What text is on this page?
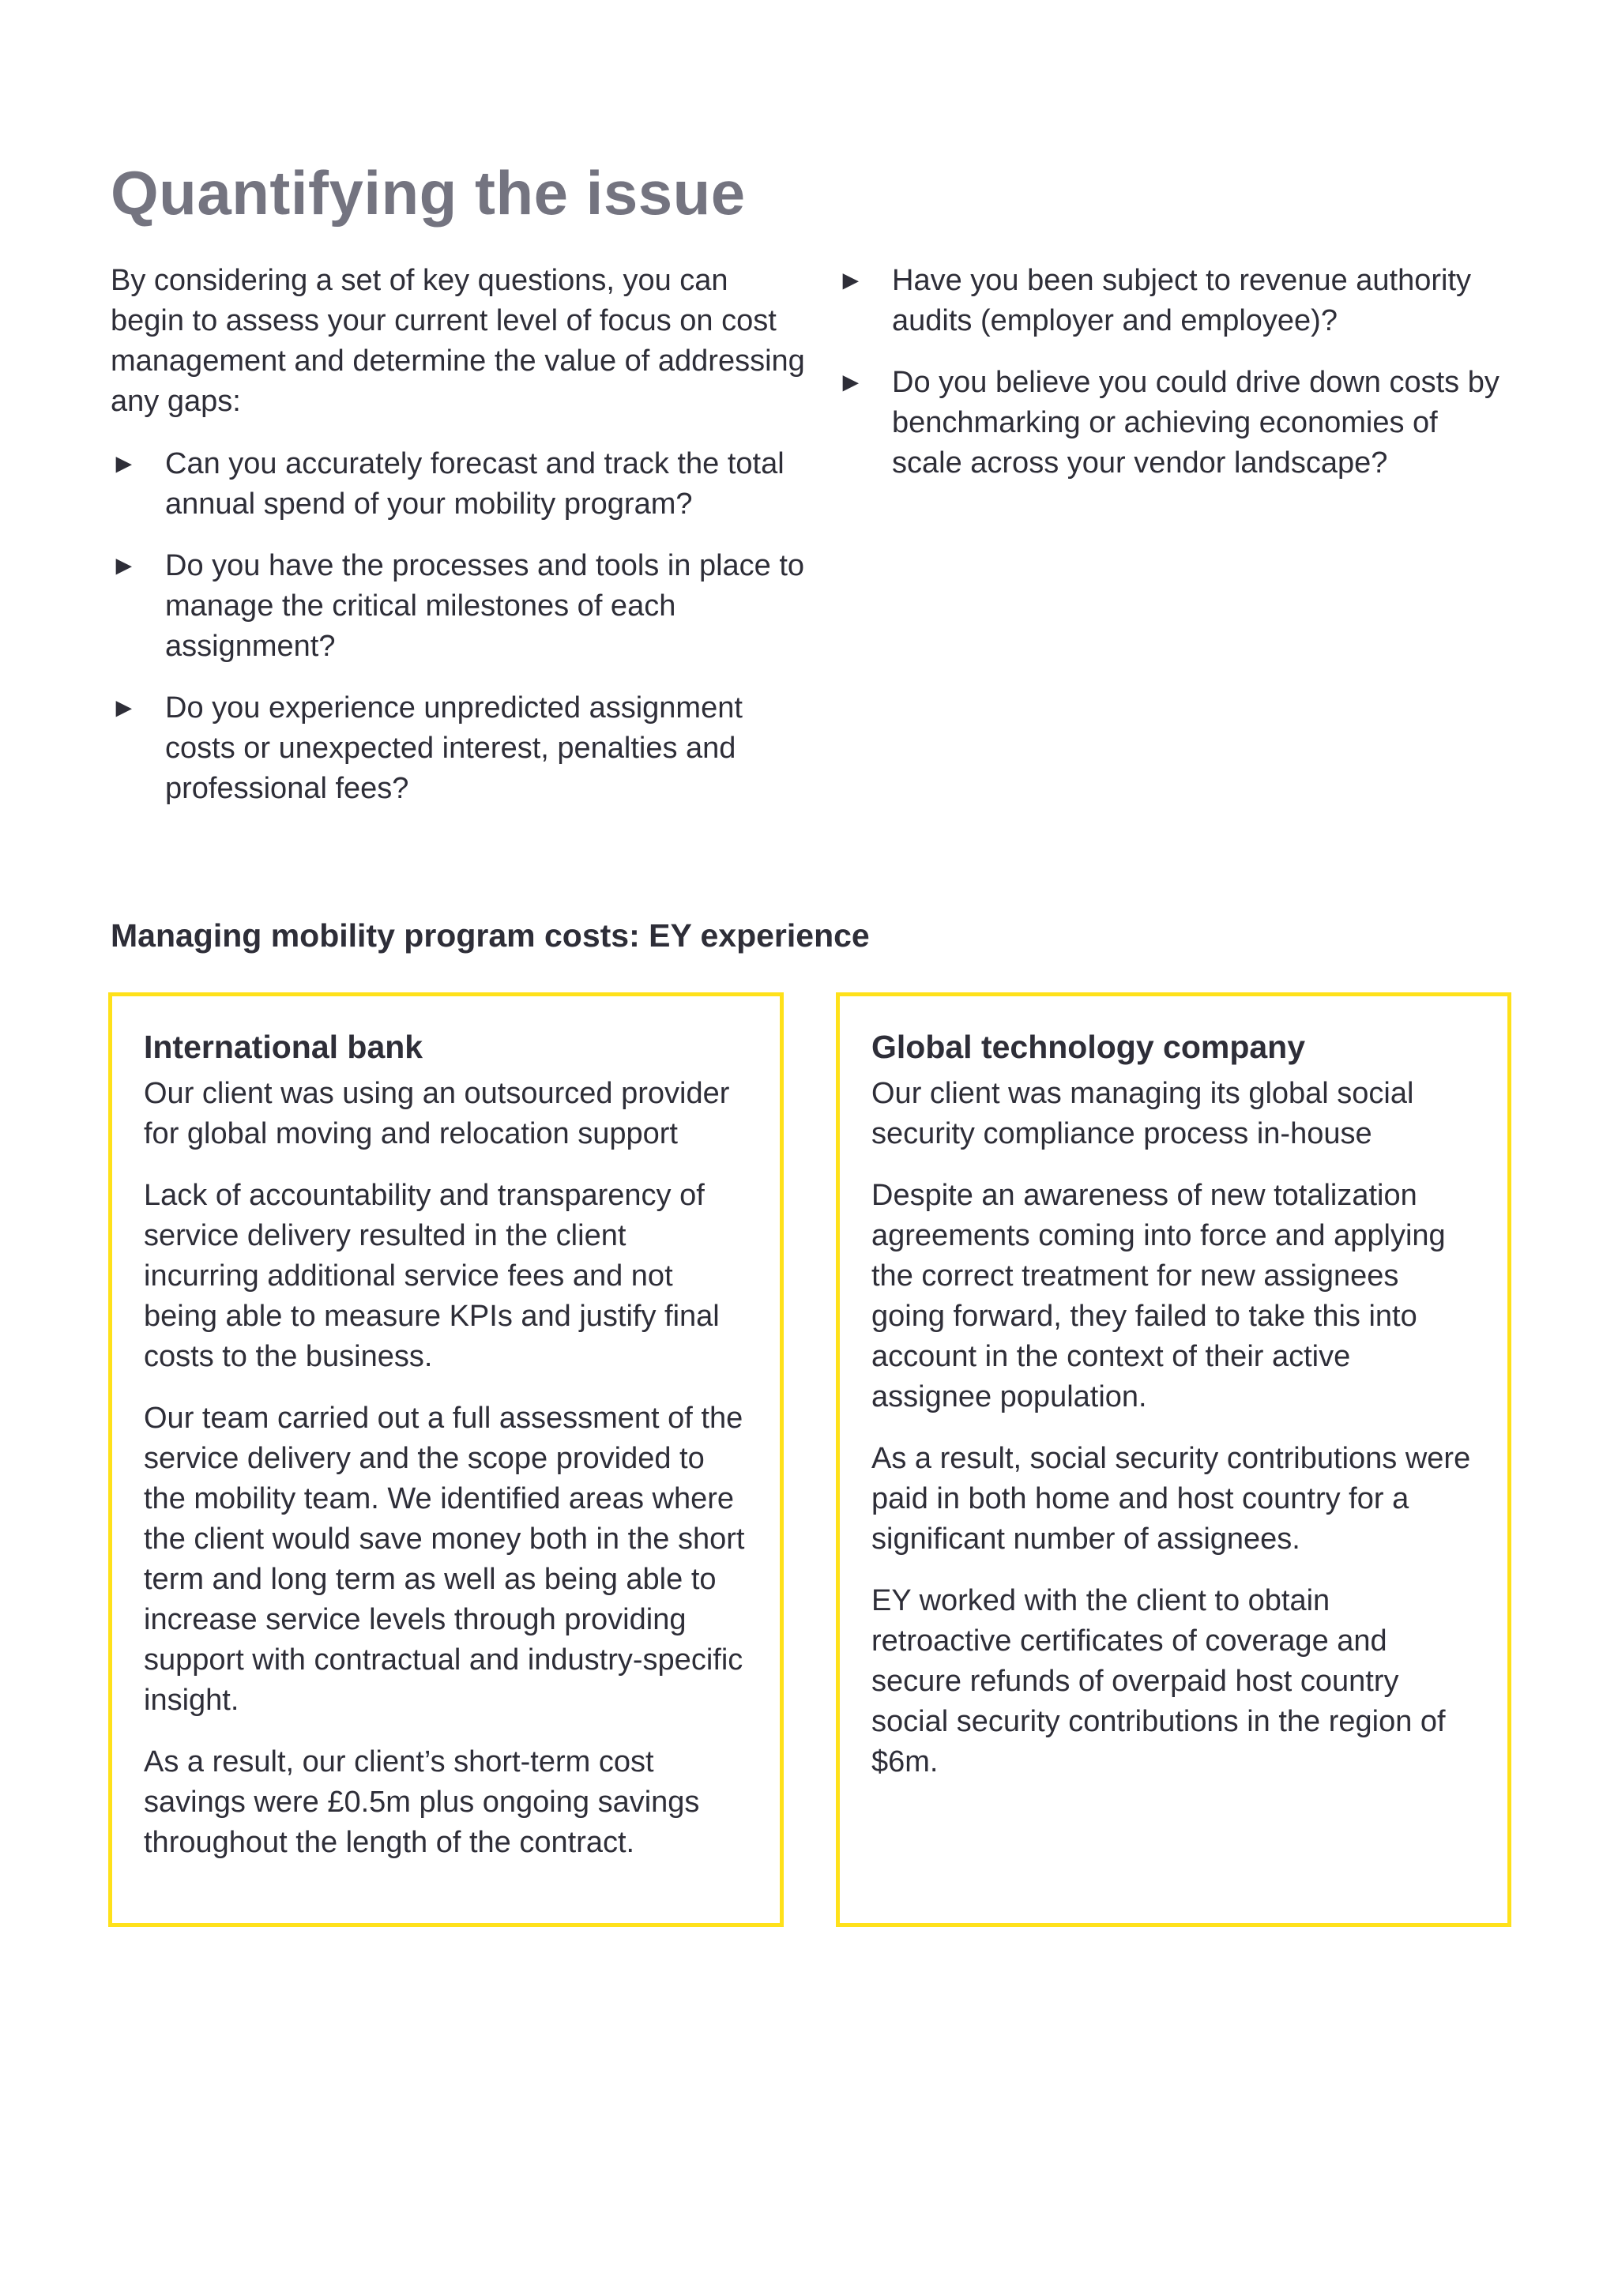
Quantifying the issue

By considering a set of key questions, you can begin to assess your current level of focus on cost management and determine the value of addressing any gaps:

► Can you accurately forecast and track the total annual spend of your mobility program?
► Do you have the processes and tools in place to manage the critical milestones of each assignment?
► Do you experience unpredicted assignment costs or unexpected interest, penalties and professional fees?
► Have you been subject to revenue authority audits (employer and employee)?
► Do you believe you could drive down costs by benchmarking or achieving economies of scale across your vendor landscape?
Managing mobility program costs: EY experience
International bank

Our client was using an outsourced provider for global moving and relocation support

Lack of accountability and transparency of service delivery resulted in the client incurring additional service fees and not being able to measure KPIs and justify final costs to the business.

Our team carried out a full assessment of the service delivery and the scope provided to the mobility team. We identified areas where the client would save money both in the short term and long term as well as being able to increase service levels through providing support with contractual and industry-specific insight.

As a result, our client’s short-term cost savings were £0.5m plus ongoing savings throughout the length of the contract.

Global technology company

Our client was managing its global social security compliance process in-house

Despite an awareness of new totalization agreements coming into force and applying the correct treatment for new assignees going forward, they failed to take this into account in the context of their active assignee population.

As a result, social security contributions were paid in both home and host country for a significant number of assignees.

EY worked with the client to obtain retroactive certificates of coverage and secure refunds of overpaid host country social security contributions in the region of $6m.
